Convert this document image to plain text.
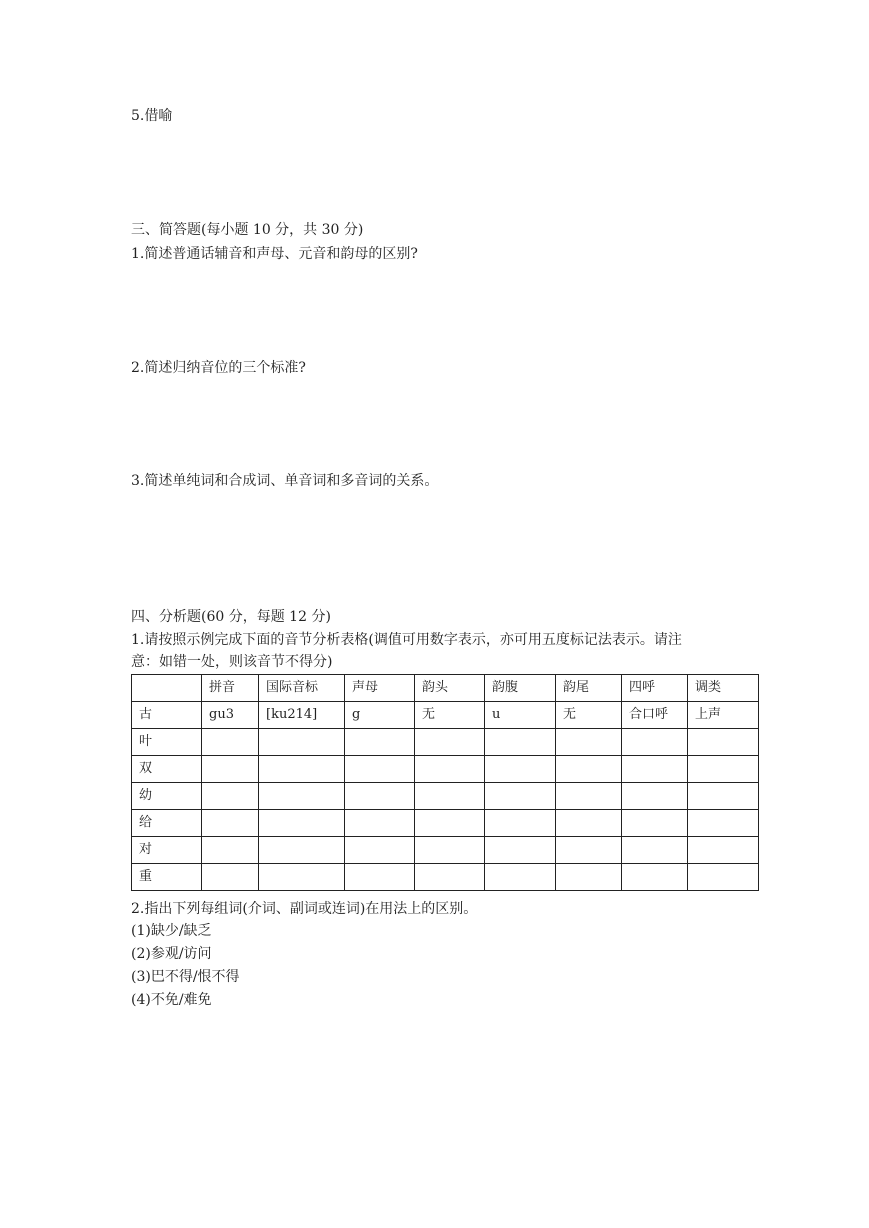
5.借喻
三、简答题(每小题 10 分，共 30 分)
1.简述普通话辅音和声母、元音和韵母的区别?
2.简述归纳音位的三个标准?
3.简述单纯词和合成词、单音词和多音词的关系。
四、分析题(60 分，每题 12 分)
1.请按照示例完成下面的音节分析表格(调值可用数字表示，亦可用五度标记法表示。请注
意：如错一处，则该音节不得分)
	拼音	国际音标	声母	韵头	韵腹	韵尾	四呼	调类
古	gu3	[ku214]	g	无	u	无	合口呼	上声
叶								
双								
幼								
给								
对								
重								
2.指出下列每组词(介词、副词或连词)在用法上的区别。
(1)缺少/缺乏
(2)参观/访问
(3)巴不得/恨不得
(4)不免/难免
